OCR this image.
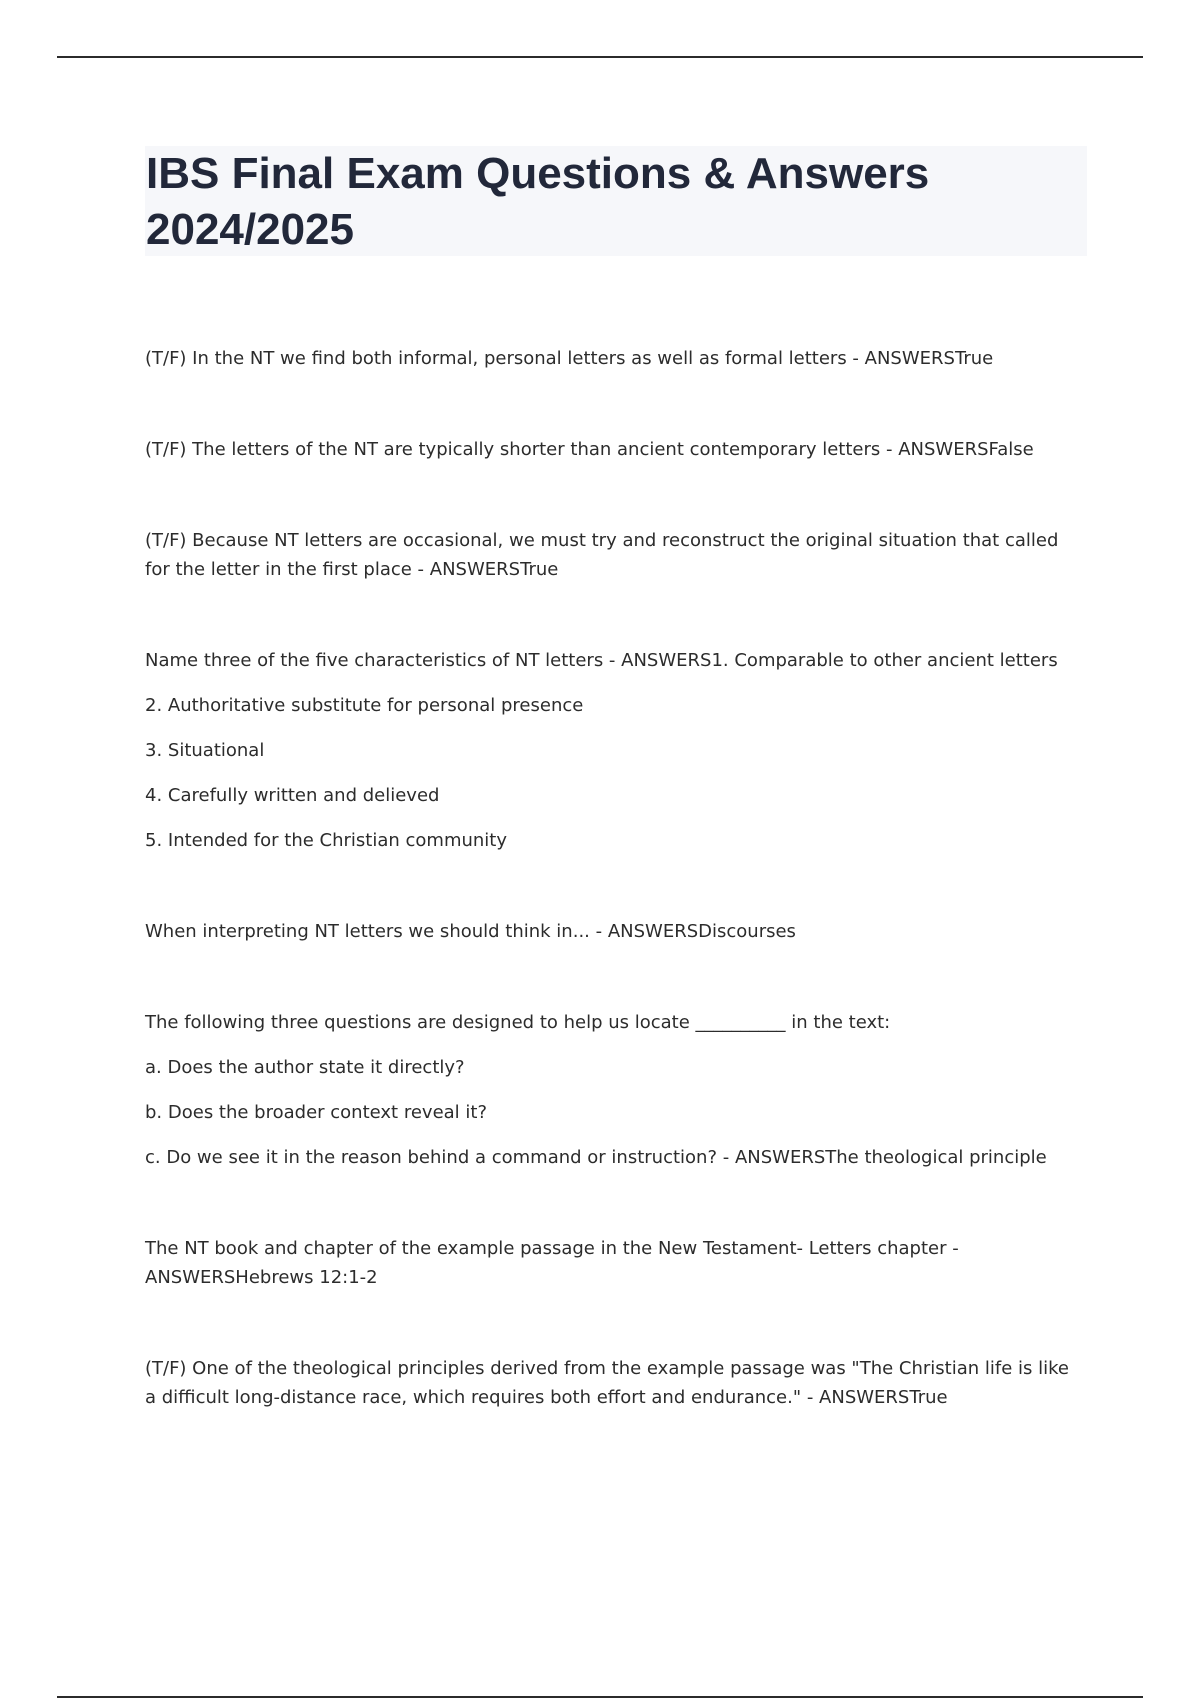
IBS Final Exam Questions & Answers 2024/2025

(T/F) In the NT we find both informal, personal letters as well as formal letters - ANSWERSTrue

(T/F) The letters of the NT are typically shorter than ancient contemporary letters - ANSWERSFalse

(T/F) Because NT letters are occasional, we must try and reconstruct the original situation that called for the letter in the first place - ANSWERSTrue

Name three of the five characteristics of NT letters - ANSWERS1. Comparable to other ancient letters

2. Authoritative substitute for personal presence

3. Situational

4. Carefully written and delieved

5. Intended for the Christian community

When interpreting NT letters we should think in... - ANSWERSDiscourses

The following three questions are designed to help us locate __________ in the text:

a. Does the author state it directly?

b. Does the broader context reveal it?

c. Do we see it in the reason behind a command or instruction? - ANSWERSThe theological principle

The NT book and chapter of the example passage in the New Testament- Letters chapter - ANSWERSHebrews 12:1-2

(T/F) One of the theological principles derived from the example passage was "The Christian life is like a difficult long-distance race, which requires both effort and endurance." - ANSWERSTrue
